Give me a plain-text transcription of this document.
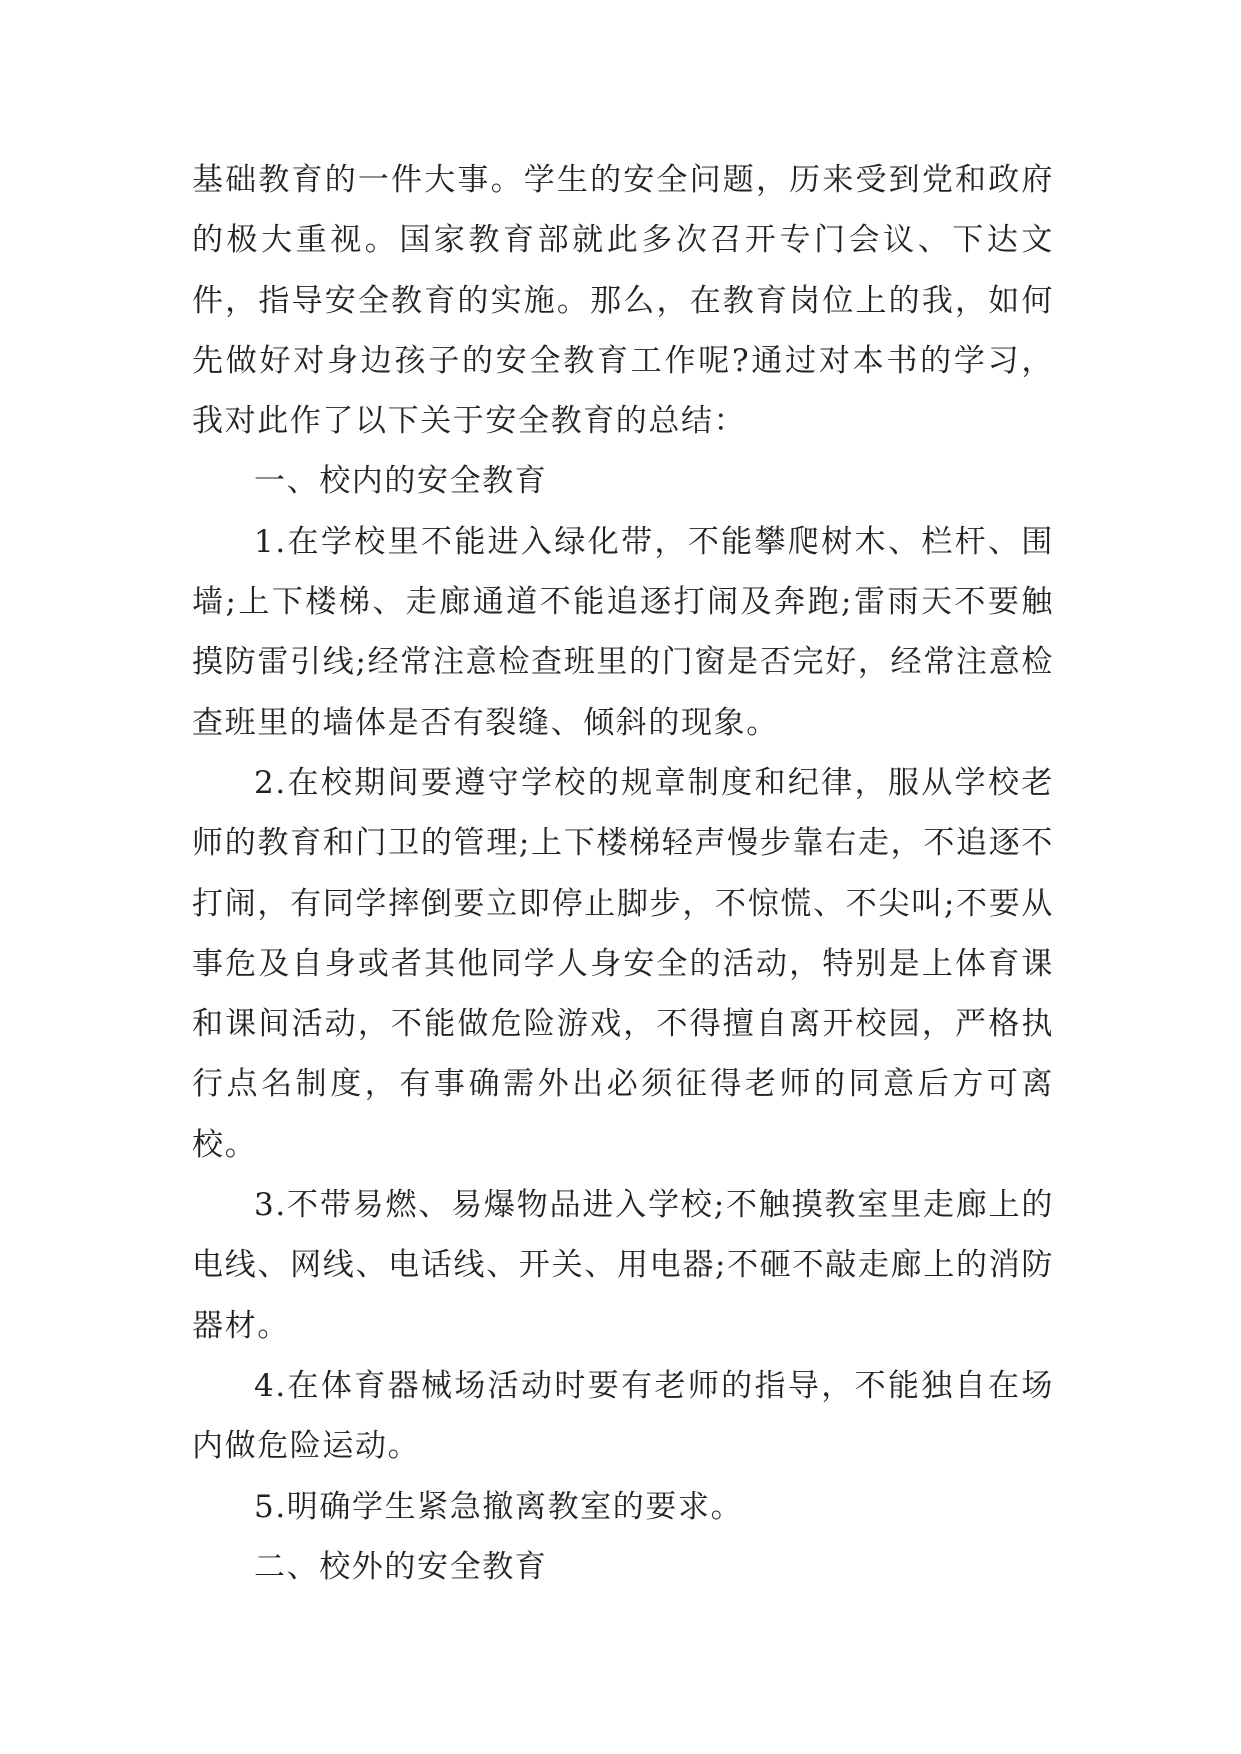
基础教育的一件大事。学生的安全问题，历来受到党和政府的极大重视。国家教育部就此多次召开专门会议、下达文件，指导安全教育的实施。那么，在教育岗位上的我，如何先做好对身边孩子的安全教育工作呢?通过对本书的学习，我对此作了以下关于安全教育的总结：

一、校内的安全教育

1.在学校里不能进入绿化带，不能攀爬树木、栏杆、围墙;上下楼梯、走廊通道不能追逐打闹及奔跑;雷雨天不要触摸防雷引线;经常注意检查班里的门窗是否完好，经常注意检查班里的墙体是否有裂缝、倾斜的现象。

2.在校期间要遵守学校的规章制度和纪律，服从学校老师的教育和门卫的管理;上下楼梯轻声慢步靠右走，不追逐不打闹，有同学摔倒要立即停止脚步，不惊慌、不尖叫;不要从事危及自身或者其他同学人身安全的活动，特别是上体育课和课间活动，不能做危险游戏，不得擅自离开校园，严格执行点名制度，有事确需外出必须征得老师的同意后方可离校。

3.不带易燃、易爆物品进入学校;不触摸教室里走廊上的电线、网线、电话线、开关、用电器;不砸不敲走廊上的消防器材。

4.在体育器械场活动时要有老师的指导，不能独自在场内做危险运动。

5.明确学生紧急撤离教室的要求。

二、校外的安全教育
